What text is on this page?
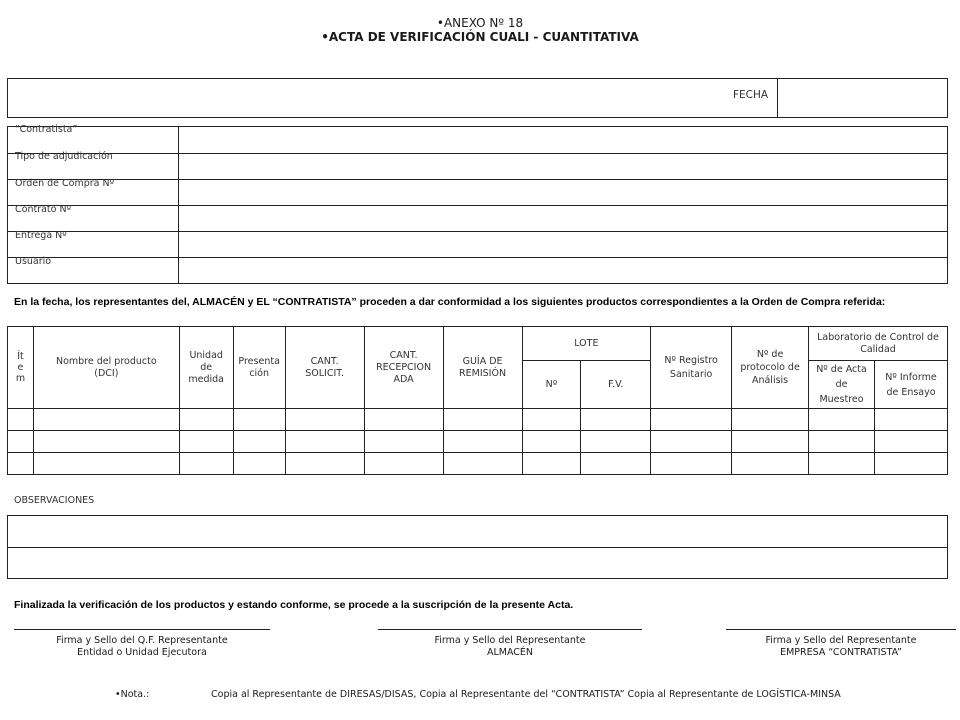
•ANEXO Nº 18
•ACTA DE VERIFICACIÓN CUALI - CUANTITATIVA
FECHA
“Contratista”
Tipo de adjudicación
Orden de Compra Nº
Contrato Nº
Entrega Nº
Usuario
En la fecha, los representantes del, ALMACÉN y EL “CONTRATISTA” proceden a dar conformidad a los siguientes productos correspondientes a la Orden de Compra referida:
Ít
e
m	Nombre del producto (DCI)	Unidad de medida	Presenta ción	CANT. SOLICIT.	CANT. RECEPCION ADA	GUÍA DE REMISIÓN	LOTE		Nº Registro Sanitario	Nº de protocolo de Análisis	Laboratorio de Control de Calidad	
							Nº	F.V.			Nº de Acta de Muestreo	Nº Informe de Ensayo

OBSERVACIONES
Finalizada la verificación de los productos y estando conforme, se procede a la suscripción de la presente Acta.
Firma y Sello del Q.F. Representante
Entidad o Unidad Ejecutora
Firma y Sello del Representante
ALMACÉN
Firma y Sello del Representante
EMPRESA “CONTRATISTA”
•Nota.:	Copia al Representante de DIRESAS/DISAS, Copia al Representante del “CONTRATISTA” Copia al Representante de LOGÍSTICA-MINSA
